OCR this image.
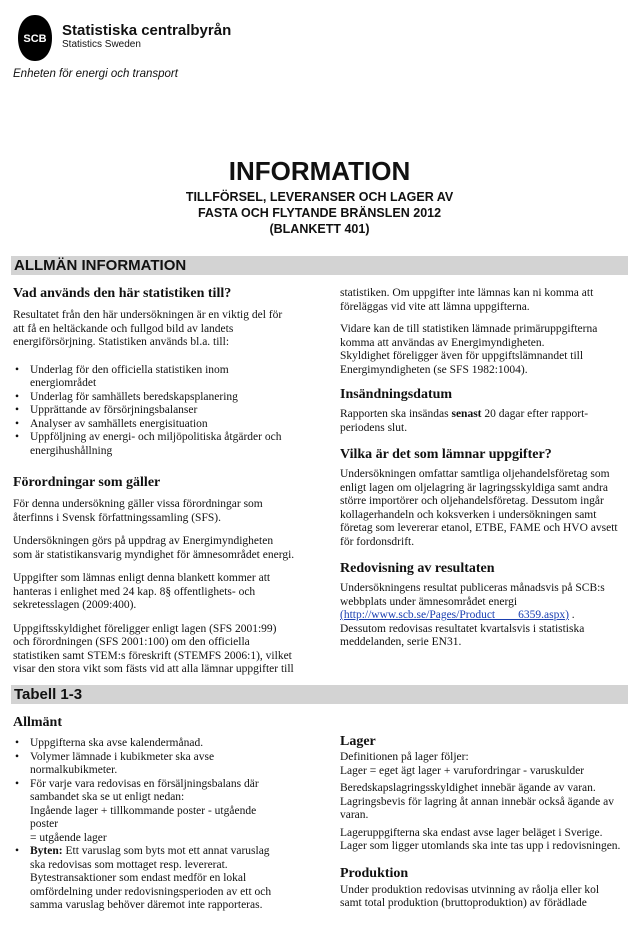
SCB Statistiska centralbyrån
Statistics Sweden
Enheten för energi och transport
INFORMATION
TILLFÖRSEL, LEVERANSER OCH LAGER AV
FASTA OCH FLYTANDE BRÄNSLEN 2012
(BLANKETT 401)
ALLMÄN INFORMATION
Vad används den här statistiken till?
Resultatet från den här undersökningen är en viktig del för
att få en heltäckande och fullgod bild av landets
energiförsörjning. Statistiken används bl.a. till:
• Underlag för den officiella statistiken inom
energiområdet
• Underlag för samhällets beredskapsplanering
• Upprättande av försörjningsbalanser
• Analyser av samhällets energisituation
• Uppföljning av energi- och miljöpolitiska åtgärder och
energihushållning
Förordningar som gäller
För denna undersökning gäller vissa förordningar som
återfinns i Svensk författningssamling (SFS).
Undersökningen görs på uppdrag av Energimyndigheten
som är statistikansvarig myndighet för ämnesområdet energi.
Uppgifter som lämnas enligt denna blankett kommer att
hanteras i enlighet med 24 kap. 8§ offentlighets- och
sekretesslagen (2009:400).
Uppgiftsskyldighet föreligger enligt lagen (SFS 2001:99)
och förordningen (SFS 2001:100) om den officiella
statistiken samt STEM:s föreskrift (STEMFS 2006:1), vilket
visar den stora vikt som fästs vid att alla lämnar uppgifter till
statistiken. Om uppgifter inte lämnas kan ni komma att
föreläggas vid vite att lämna uppgifterna.
Vidare kan de till statistiken lämnade primäruppgifterna
komma att användas av Energimyndigheten.
Skyldighet föreligger även för uppgiftslämnandet till
Energimyndigheten (se SFS 1982:1004).
Insändningsdatum
Rapporten ska insändas senast 20 dagar efter rapport-
periodens slut.
Vilka är det som lämnar uppgifter?
Undersökningen omfattar samtliga oljehandelsföretag som
enligt lagen om oljelagring är lagringsskyldiga samt andra
större importörer och oljehandelsföretag. Dessutom ingår
kollagerhandeln och koksverken i undersökningen samt
företag som levererar etanol, ETBE, FAME och HVO avsett
för fordonsdrift.
Redovisning av resultaten
Undersökningens resultat publiceras månadsvis på SCB:s
webbplats under ämnesområdet energi
(http://www.scb.se/Pages/Product____6359.aspx) .
Dessutom redovisas resultatet kvartalsvis i statistiska
meddelanden, serie EN31.
Tabell 1-3
Allmänt
• Uppgifterna ska avse kalendermånad.
• Volymer lämnade i kubikmeter ska avse
normalkubikmeter.
• För varje vara redovisas en försäljningsbalans där
sambandet ska se ut enligt nedan:
Ingående lager + tillkommande poster - utgående
poster
= utgående lager
• Byten: Ett varuslag som byts mot ett annat varuslag
ska redovisas som mottaget resp. levererat.
Bytestransaktioner som endast medför en lokal
omfördelning under redovisningsperioden av ett och
samma varuslag behöver däremot inte rapporteras.
Lager
Definitionen på lager följer:
Lager = eget ägt lager + varufordringar - varuskulder
Beredskapslagringsskyldighet innebär ägande av varan.
Lagringsbevis för lagring åt annan innebär också ägande av
varan.
Lageruppgifterna ska endast avse lager beläget i Sverige.
Lager som ligger utomlands ska inte tas upp i redovisningen.
Produktion
Under produktion redovisas utvinning av råolja eller kol
samt total produktion (bruttoproduktion) av förädlade
